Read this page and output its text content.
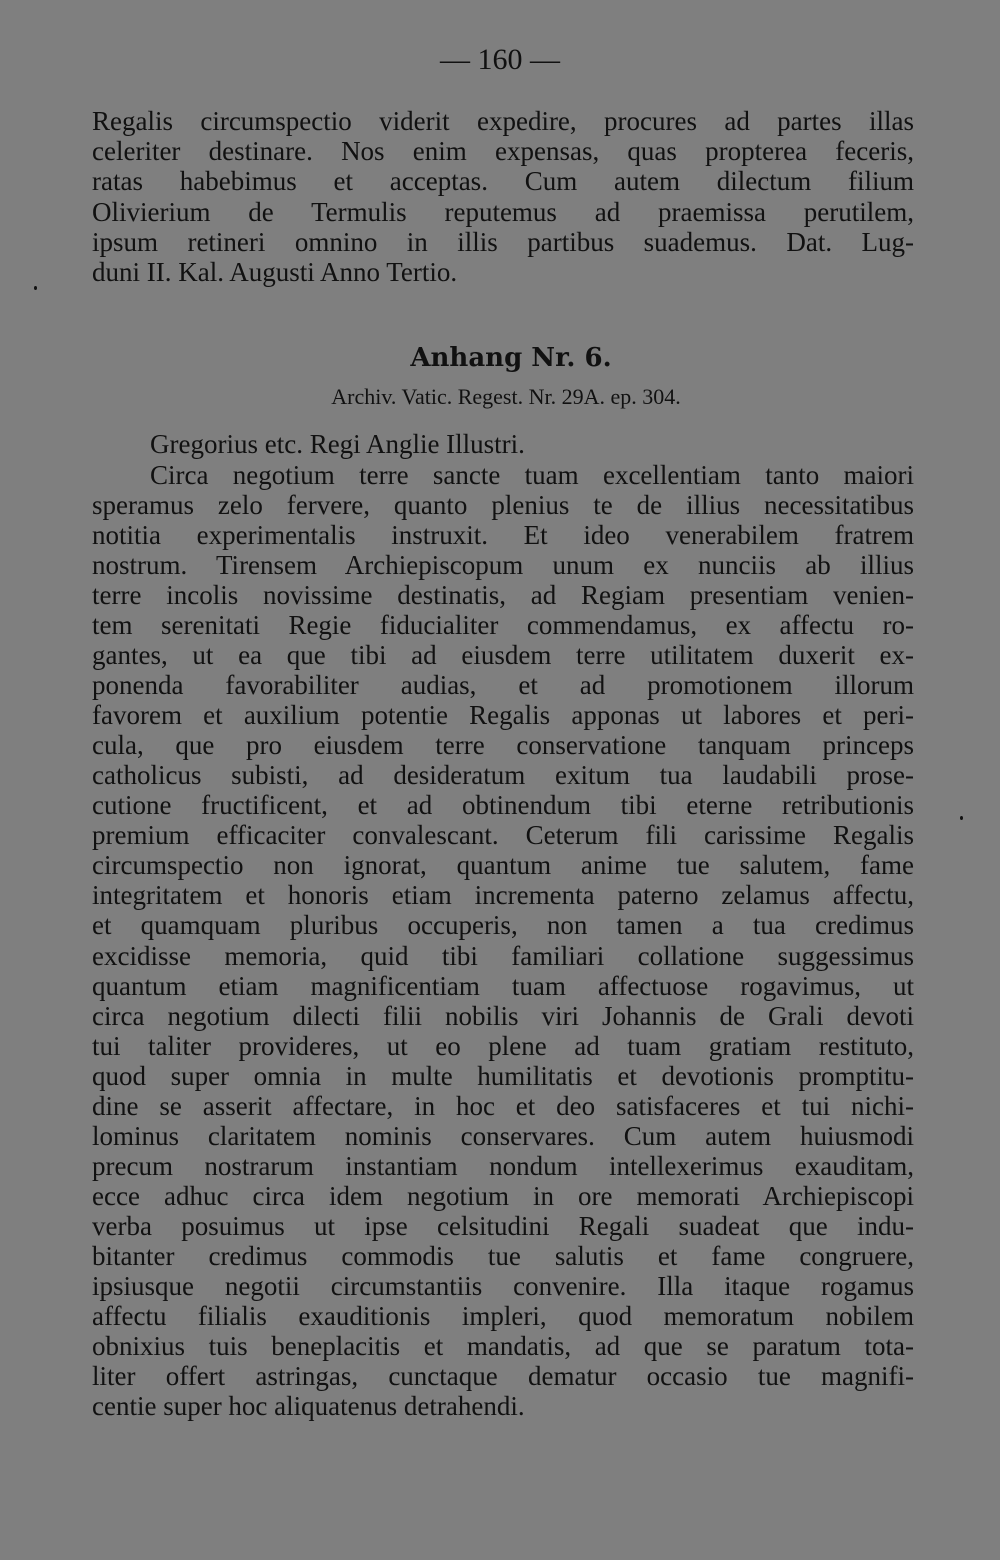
— 160 —
Regalis circumspectio viderit expedire, procures ad partes illas
celeriter destinare. Nos enim expensas, quas propterea feceris,
ratas habebimus et acceptas. Cum autem dilectum filium
Olivierium de Termulis reputemus ad praemissa perutilem,
ipsum retineri omnino in illis partibus suademus. Dat. Lug-
duni II. Kal. Augusti Anno Tertio.
Anhang Nr. 6.
Archiv. Vatic. Regest. Nr. 29A. ep. 304.
Gregorius etc. Regi Anglie Illustri.
Circa negotium terre sancte tuam excellentiam tanto maiori
speramus zelo fervere, quanto plenius te de illius necessitatibus
notitia experimentalis instruxit. Et ideo venerabilem fratrem
nostrum. Tirensem Archiepiscopum unum ex nunciis ab illius
terre incolis novissime destinatis, ad Regiam presentiam venien-
tem serenitati Regie fiducialiter commendamus, ex affectu ro-
gantes, ut ea que tibi ad eiusdem terre utilitatem duxerit ex-
ponenda favorabiliter audias, et ad promotionem illorum
favorem et auxilium potentie Regalis apponas ut labores et peri-
cula, que pro eiusdem terre conservatione tanquam princeps
catholicus subisti, ad desideratum exitum tua laudabili prose-
cutione fructificent, et ad obtinendum tibi eterne retributionis
premium efficaciter convalescant. Ceterum fili carissime Regalis
circumspectio non ignorat, quantum anime tue salutem, fame
integritatem et honoris etiam incrementa paterno zelamus affectu,
et quamquam pluribus occuperis, non tamen a tua credimus
excidisse memoria, quid tibi familiari collatione suggessimus
quantum etiam magnificentiam tuam affectuose rogavimus, ut
circa negotium dilecti filii nobilis viri Johannis de Grali devoti
tui taliter provideres, ut eo plene ad tuam gratiam restituto,
quod super omnia in multe humilitatis et devotionis promptitu-
dine se asserit affectare, in hoc et deo satisfaceres et tui nichi-
lominus claritatem nominis conservares. Cum autem huiusmodi
precum nostrarum instantiam nondum intellexerimus exauditam,
ecce adhuc circa idem negotium in ore memorati Archiepiscopi
verba posuimus ut ipse celsitudini Regali suadeat que indu-
bitanter credimus commodis tue salutis et fame congruere,
ipsiusque negotii circumstantiis convenire. Illa itaque rogamus
affectu filialis exauditionis impleri, quod memoratum nobilem
obnixius tuis beneplacitis et mandatis, ad que se paratum tota-
liter offert astringas, cunctaque dematur occasio tue magnifi-
centie super hoc aliquatenus detrahendi.
